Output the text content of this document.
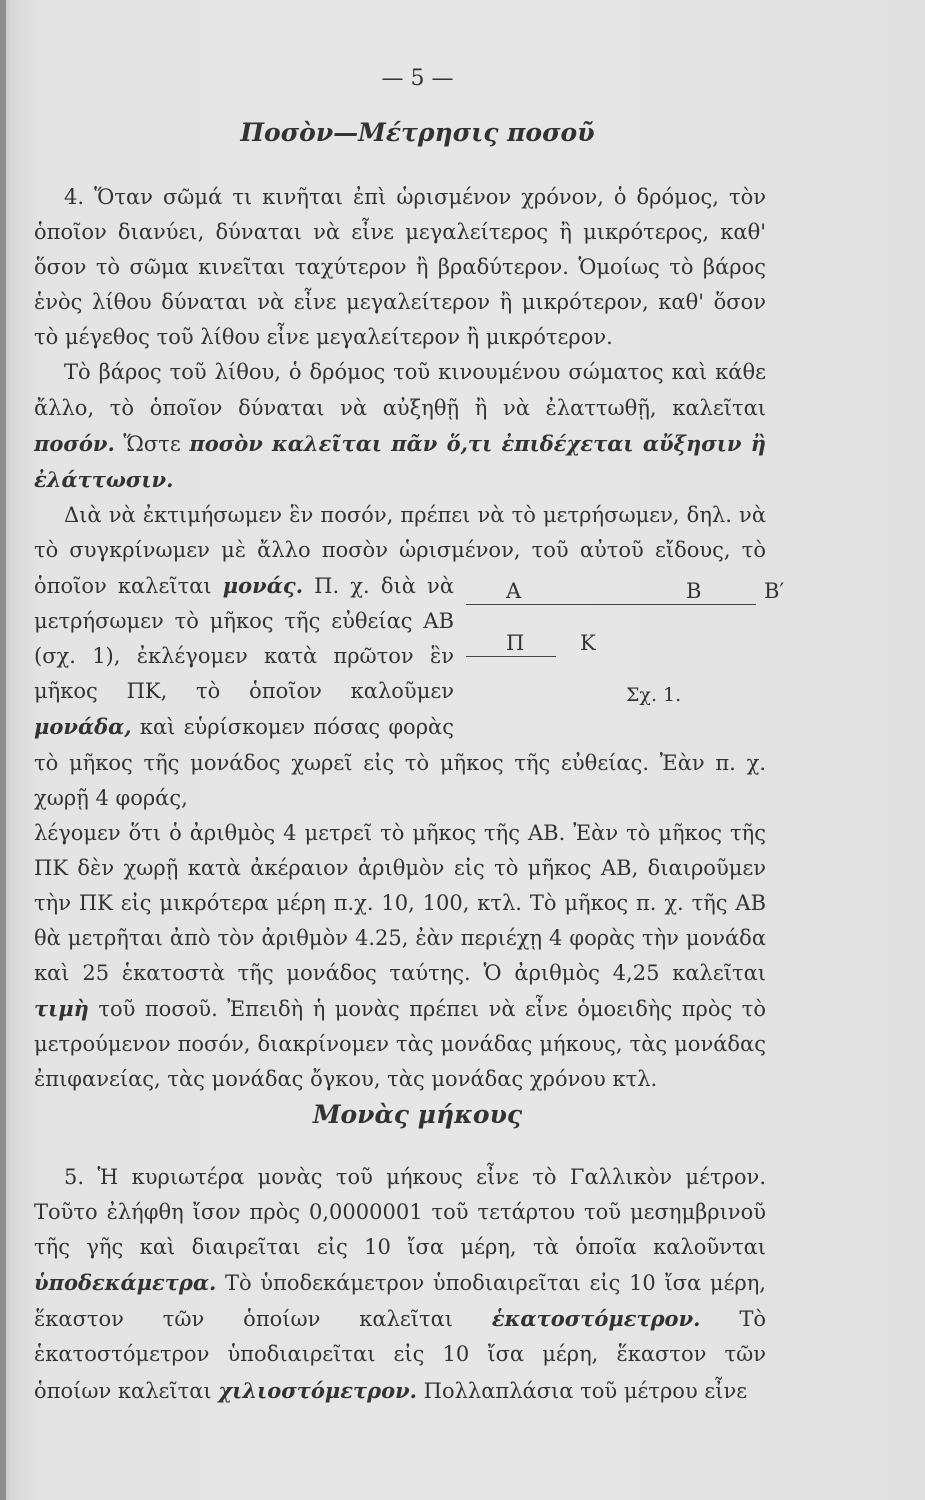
— 5 —
Ποσὸν—Μέτρησις ποσοῦ

4. Ὅταν σῶμά τι κινῆται ἐπὶ ὡρισμένον χρόνον, ὁ δρόμος, τὸν ὁποῖον διανύει, δύναται νὰ εἶνε μεγαλείτερος ἢ μικρότερος, καθ' ὅσον τὸ σῶμα κινεῖται ταχύτερον ἢ βραδύτερον. Ὁμοίως τὸ βάρος ἑνὸς λίθου δύναται νὰ εἶνε μεγαλείτερον ἢ μικρότερον, καθ' ὅσον τὸ μέγεθος τοῦ λίθου εἶνε μεγαλείτερον ἢ μικρότερον.

Τὸ βάρος τοῦ λίθου, ὁ δρόμος τοῦ κινουμένου σώματος καὶ κάθε ἄλλο, τὸ ὁποῖον δύναται νὰ αὐξηθῇ ἢ νὰ ἐλαττωθῇ, καλεῖται ποσόν. Ὥστε ποσὸν καλεῖται πᾶν ὅ,τι ἐπιδέχεται αὔξησιν ἢ ἐλάττωσιν.

Διὰ νὰ ἐκτιμήσωμεν ἓν ποσόν, πρέπει νὰ τὸ μετρήσωμεν, δηλ. νὰ τὸ συγκρίνωμεν μὲ ἄλλο ποσὸν ὡρισμένον, τοῦ αὐτοῦ εἴδους, τὸ ὁποῖον καλεῖται μονάς.	Α	Β	Β′
Π	Κ
Σχ. 1.
Π. χ. διὰ νὰ μετρήσωμεν τὸ μῆκος τῆς εὐθείας ΑΒ (σχ. 1), ἐκλέγομεν κατὰ πρῶτον ἓν μῆκος ΠΚ, τὸ ὁποῖον καλοῦμεν μονάδα, καὶ εὑρίσκομεν πόσας φορὰς τὸ μῆκος τῆς μονάδος χωρεῖ εἰς τὸ μῆκος τῆς εὐθείας. Ἐὰν π. χ. χωρῇ 4 φοράς,

λέγομεν ὅτι ὁ ἀριθμὸς 4 μετρεῖ τὸ μῆκος τῆς ΑΒ. Ἐὰν τὸ μῆκος τῆς ΠΚ δὲν χωρῇ κατὰ ἀκέραιον ἀριθμὸν εἰς τὸ μῆκος ΑΒ, διαιροῦμεν τὴν ΠΚ εἰς μικρότερα μέρη π.χ. 10, 100, κτλ. Τὸ μῆκος π. χ. τῆς ΑΒ θὰ μετρῆται ἀπὸ τὸν ἀριθμὸν 4.25, ἐὰν περιέχῃ 4 φορὰς τὴν μονάδα καὶ 25 ἑκατοστὰ τῆς μονάδος ταύτης. Ὁ ἀριθμὸς 4,25 καλεῖται τιμὴ τοῦ ποσοῦ. Ἐπειδὴ ἡ μονὰς πρέπει νὰ εἶνε ὁμοειδὴς πρὸς τὸ μετρούμενον ποσόν, διακρίνομεν τὰς μονάδας μήκους, τὰς μονάδας ἐπιφανείας, τὰς μονάδας ὄγκου, τὰς μονάδας χρόνου κτλ.

Μονὰς μήκους

5. Ἡ κυριωτέρα μονὰς τοῦ μήκους εἶνε τὸ Γαλλικὸν μέτρον. Τοῦτο ἐλήφθη ἴσον πρὸς 0,0000001 τοῦ τετάρτου τοῦ μεσημβρινοῦ τῆς γῆς καὶ διαιρεῖται εἰς 10 ἴσα μέρη, τὰ ὁποῖα καλοῦνται ὑποδεκάμετρα. Τὸ ὑποδεκάμετρον ὑποδιαιρεῖται εἰς 10 ἴσα μέρη, ἕκαστον τῶν ὁποίων καλεῖται ἑκατοστόμετρον. Τὸ ἑκατοστόμετρον ὑποδιαιρεῖται εἰς 10 ἴσα μέρη, ἕκαστον τῶν ὁποίων καλεῖται χιλιοστόμετρον. Πολλαπλάσια τοῦ μέτρου εἶνε
